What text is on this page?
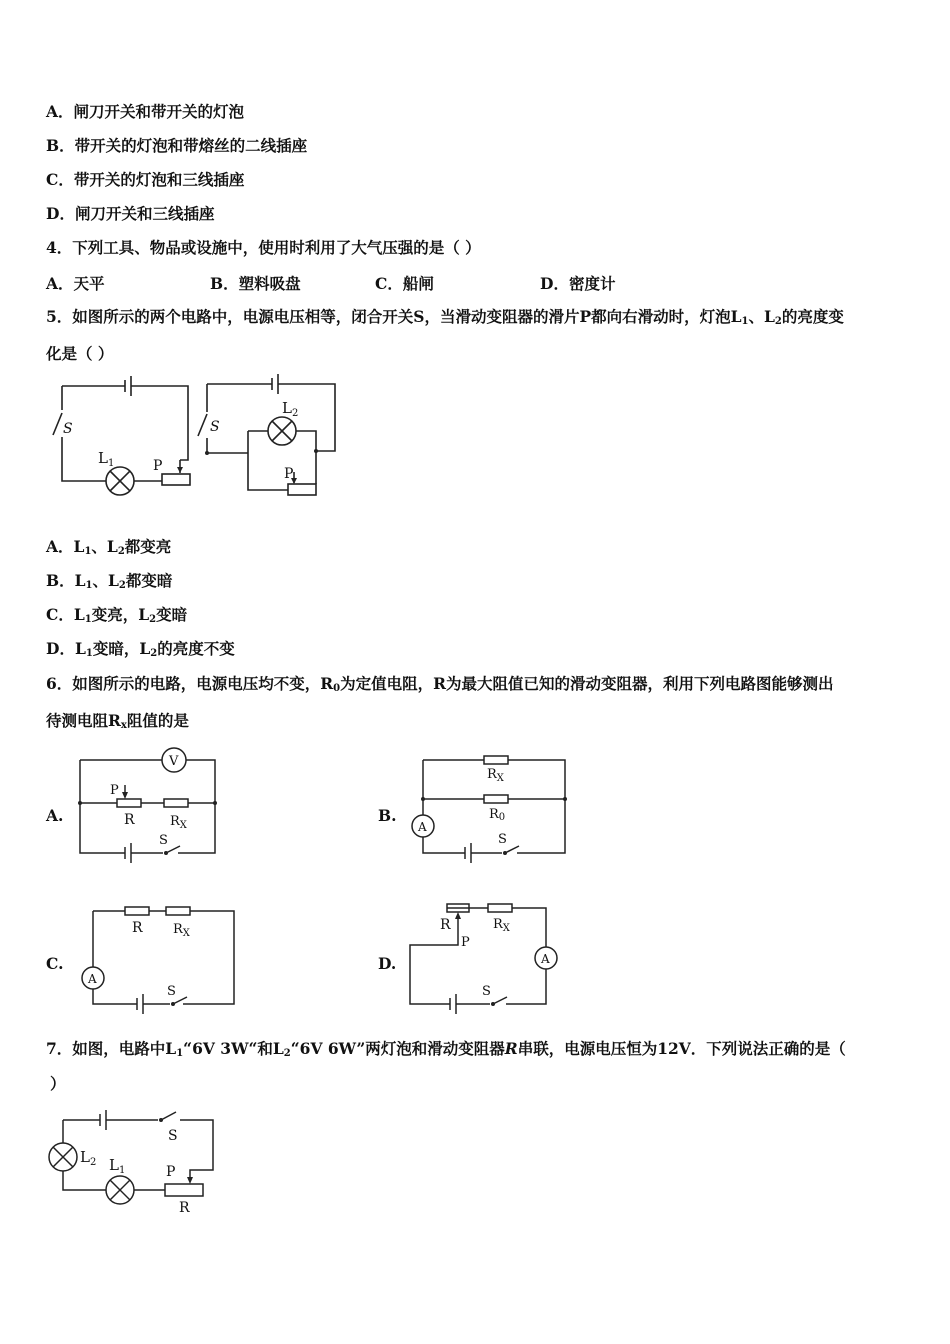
A．闸刀开关和带开关的灯泡
B．带开关的灯泡和带熔丝的二线插座
C．带开关的灯泡和三线插座
D．闸刀开关和三线插座
4．下列工具、物品或设施中，使用时利用了大气压强的是（ ）
A．天平	B．塑料吸盘	C．船闸	D．密度计
5．如图所示的两个电路中，电源电压相等，闭合开关S，当滑动变阻器的滑片P都向右滑动时，灯泡$L_1$、$L_2$的亮度变
化是（ ）
S	S
$L_1$	P
$L_2$
P
A．$L_1$、$L_2$都变亮
B．$L_1$、$L_2$都变暗
C．$L_1$变亮，$L_2$变暗
D．$L_1$变暗，$L_2$的亮度不变
6．如图所示的电路，电源电压均不变，$R_0$为定值电阻，R为最大阻值已知的滑动变阻器，利用下列电路图能够测出
待测电阻$R_x$阻值的是
A.	B.
C.	D.
V
P
R	$R_X$
S
$R_X$
R0
A
S
R $R_X$
A
S
R	$R_X$
P
A
S
7．如图，电路中$L_1“6V$ 3W“和$L_2“6V$ 6W”两灯泡和滑动变阻器R串联，电源电压恒为12V．下列说法正确的是（
）
S
$L_2$ $L_1$	P
R
